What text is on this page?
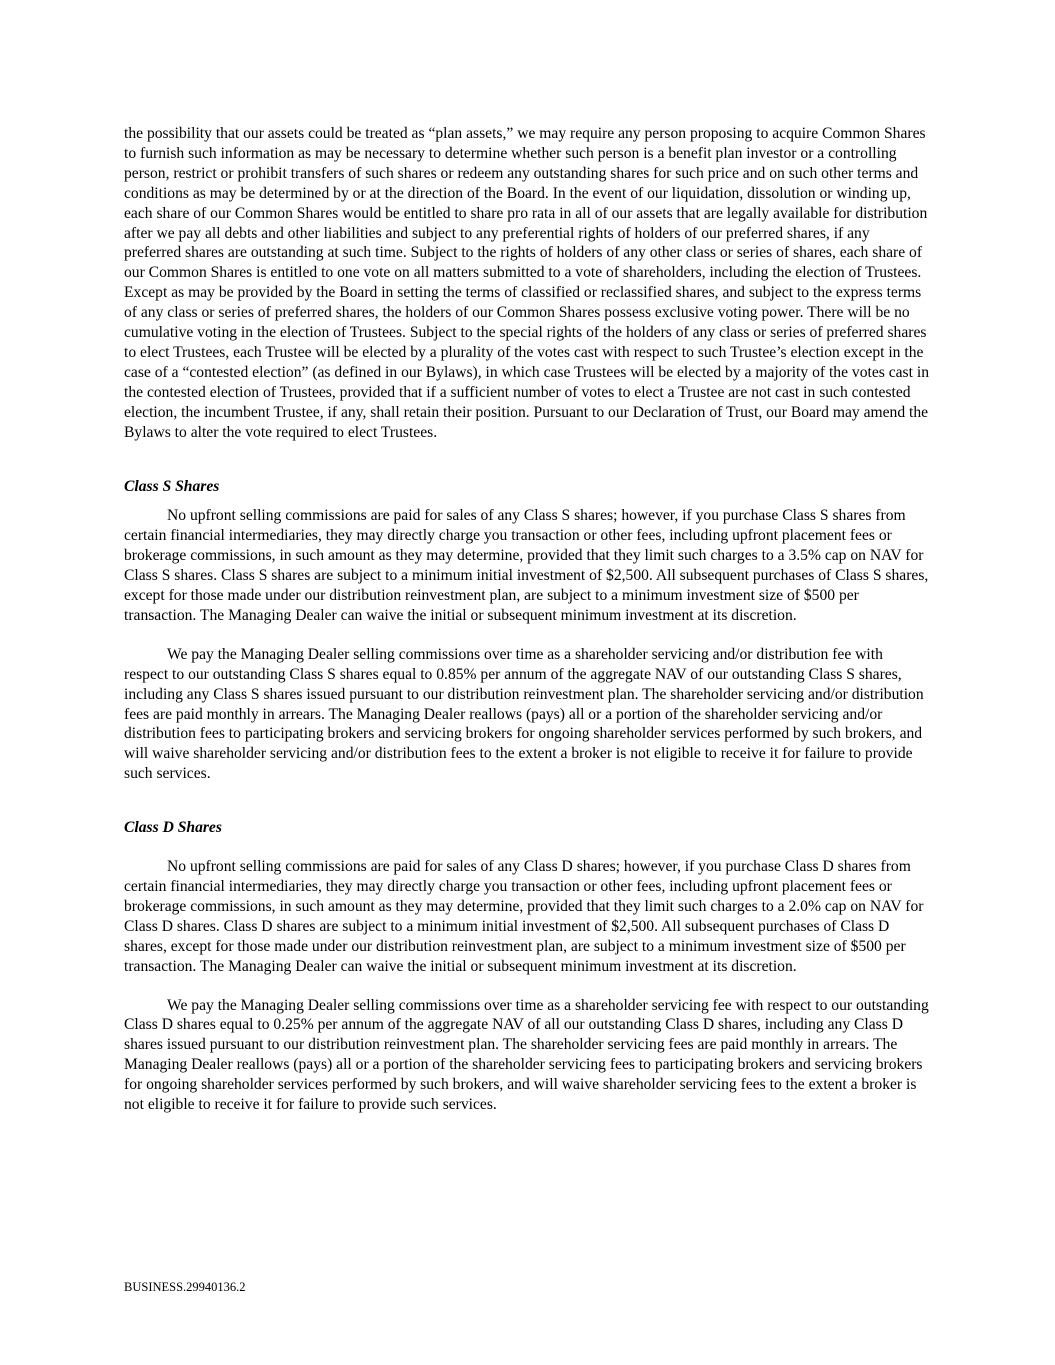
the possibility that our assets could be treated as “plan assets,” we may require any person proposing to acquire Common Shares to furnish such information as may be necessary to determine whether such person is a benefit plan investor or a controlling person, restrict or prohibit transfers of such shares or redeem any outstanding shares for such price and on such other terms and conditions as may be determined by or at the direction of the Board. In the event of our liquidation, dissolution or winding up, each share of our Common Shares would be entitled to share pro rata in all of our assets that are legally available for distribution after we pay all debts and other liabilities and subject to any preferential rights of holders of our preferred shares, if any preferred shares are outstanding at such time. Subject to the rights of holders of any other class or series of shares, each share of our Common Shares is entitled to one vote on all matters submitted to a vote of shareholders, including the election of Trustees. Except as may be provided by the Board in setting the terms of classified or reclassified shares, and subject to the express terms of any class or series of preferred shares, the holders of our Common Shares possess exclusive voting power. There will be no cumulative voting in the election of Trustees. Subject to the special rights of the holders of any class or series of preferred shares to elect Trustees, each Trustee will be elected by a plurality of the votes cast with respect to such Trustee’s election except in the case of a “contested election” (as defined in our Bylaws), in which case Trustees will be elected by a majority of the votes cast in the contested election of Trustees, provided that if a sufficient number of votes to elect a Trustee are not cast in such contested election, the incumbent Trustee, if any, shall retain their position. Pursuant to our Declaration of Trust, our Board may amend the Bylaws to alter the vote required to elect Trustees.

Class S Shares

No upfront selling commissions are paid for sales of any Class S shares; however, if you purchase Class S shares from certain financial intermediaries, they may directly charge you transaction or other fees, including upfront placement fees or brokerage commissions, in such amount as they may determine, provided that they limit such charges to a 3.5% cap on NAV for Class S shares. Class S shares are subject to a minimum initial investment of $2,500. All subsequent purchases of Class S shares, except for those made under our distribution reinvestment plan, are subject to a minimum investment size of $500 per transaction. The Managing Dealer can waive the initial or subsequent minimum investment at its discretion.

We pay the Managing Dealer selling commissions over time as a shareholder servicing and/or distribution fee with respect to our outstanding Class S shares equal to 0.85% per annum of the aggregate NAV of our outstanding Class S shares, including any Class S shares issued pursuant to our distribution reinvestment plan. The shareholder servicing and/or distribution fees are paid monthly in arrears. The Managing Dealer reallows (pays) all or a portion of the shareholder servicing and/or distribution fees to participating brokers and servicing brokers for ongoing shareholder services performed by such brokers, and will waive shareholder servicing and/or distribution fees to the extent a broker is not eligible to receive it for failure to provide such services.

Class D Shares

No upfront selling commissions are paid for sales of any Class D shares; however, if you purchase Class D shares from certain financial intermediaries, they may directly charge you transaction or other fees, including upfront placement fees or brokerage commissions, in such amount as they may determine, provided that they limit such charges to a 2.0% cap on NAV for Class D shares. Class D shares are subject to a minimum initial investment of $2,500. All subsequent purchases of Class D shares, except for those made under our distribution reinvestment plan, are subject to a minimum investment size of $500 per transaction. The Managing Dealer can waive the initial or subsequent minimum investment at its discretion.

We pay the Managing Dealer selling commissions over time as a shareholder servicing fee with respect to our outstanding Class D shares equal to 0.25% per annum of the aggregate NAV of all our outstanding Class D shares, including any Class D shares issued pursuant to our distribution reinvestment plan. The shareholder servicing fees are paid monthly in arrears. The Managing Dealer reallows (pays) all or a portion of the shareholder servicing fees to participating brokers and servicing brokers for ongoing shareholder services performed by such brokers, and will waive shareholder servicing fees to the extent a broker is not eligible to receive it for failure to provide such services.

BUSINESS.29940136.2
